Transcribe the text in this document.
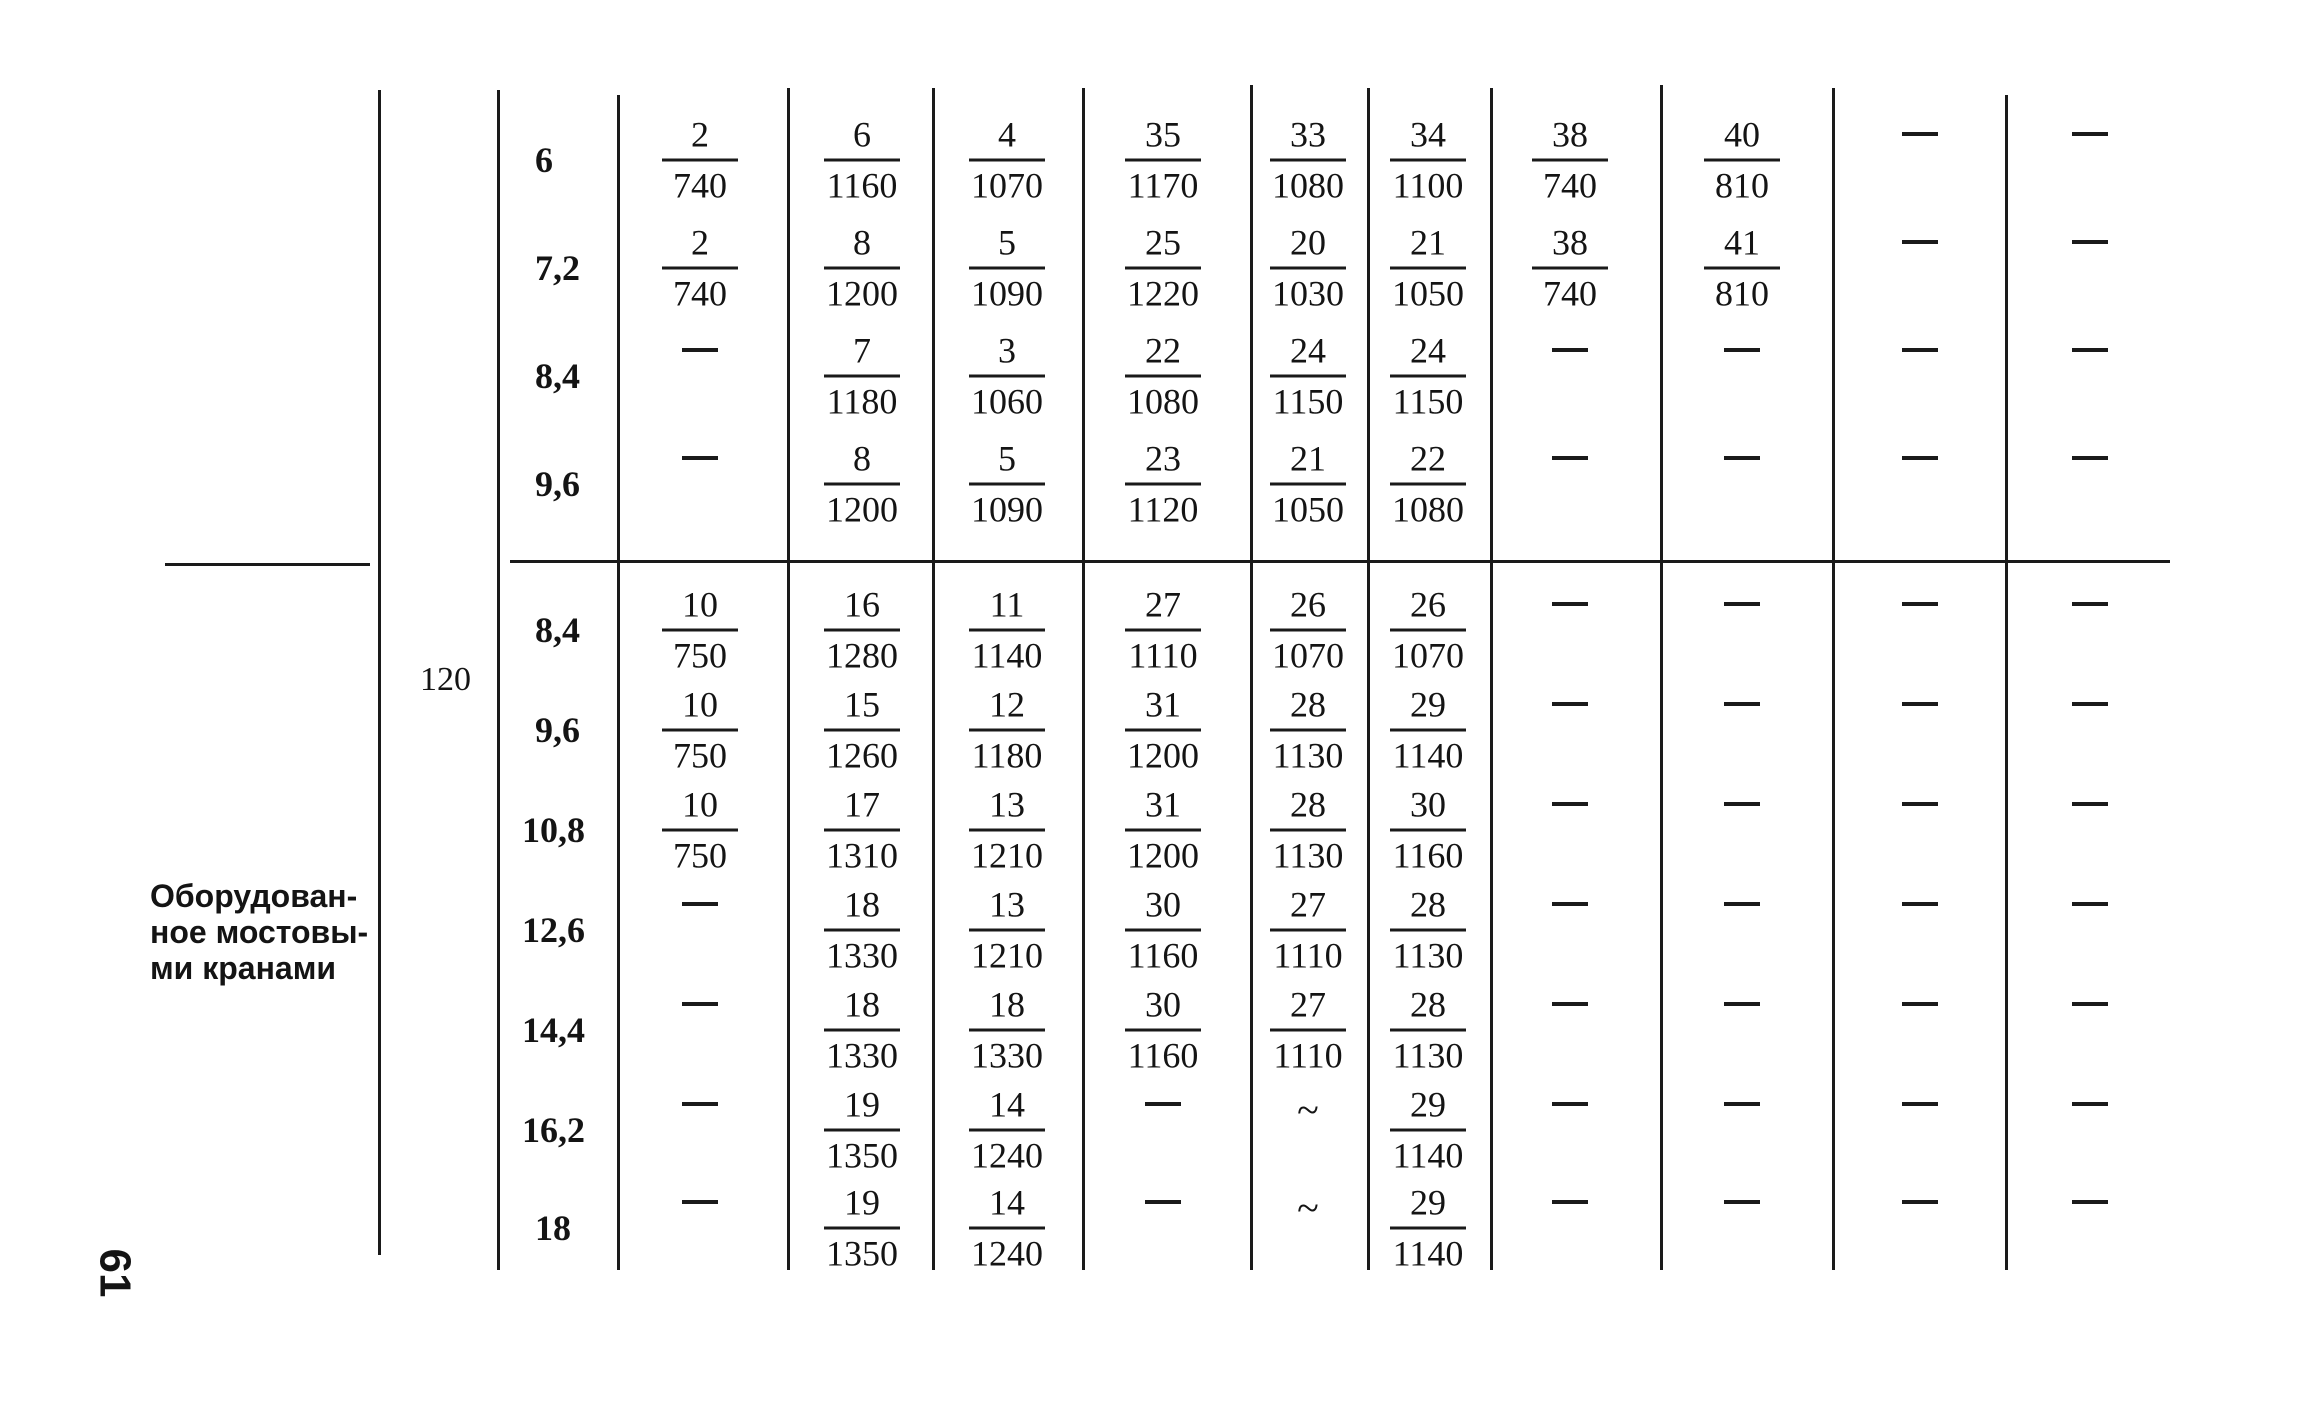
120
Оборудован-ное мостовы-ми кранами
61
6
2
740
6
1160
4
1070
35
1170
33
1080
34
1100
38
740
40
810
7,2
2
740
8
1200
5
1090
25
1220
20
1030
21
1050
38
740
41
810
8,4
7
1180
3
1060
22
1080
24
1150
24
1150
9,6
8
1200
5
1090
23
1120
21
1050
22
1080
8,4
10
750
16
1280
11
1140
27
1110
26
1070
26
1070
9,6
10
750
15
1260
12
1180
31
1200
28
1130
29
1140
10,8
10
750
17
1310
13
1210
31
1200
28
1130
30
1160
12,6
18
1330
13
1210
30
1160
27
1110
28
1130
14,4
18
1330
18
1330
30
1160
27
1110
28
1130
16,2
19
1350
14
1240
~	29
1140
18
19
1350
14
1240
~	29
1140
